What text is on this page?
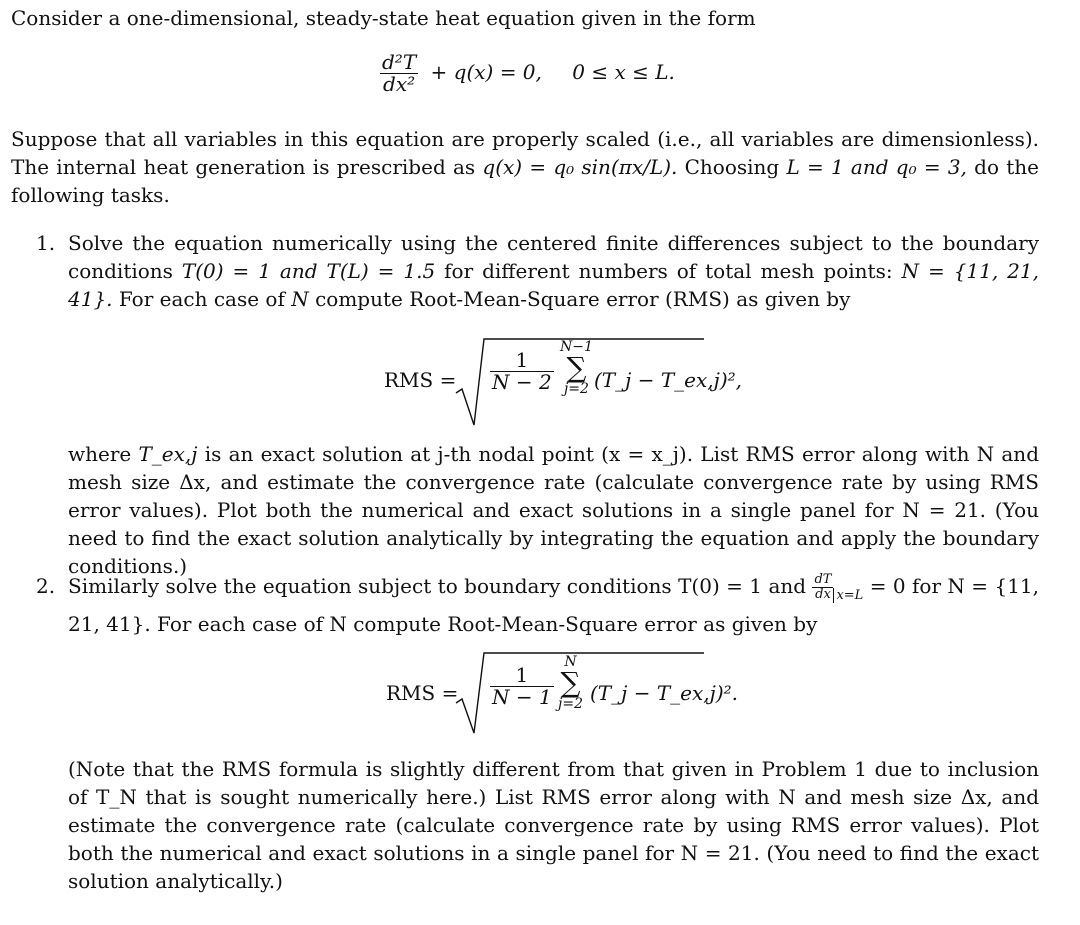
Consider a one-dimensional, steady-state heat equation given in the form
$\frac{\text{d²T}}{\text{dx²}} + q(x) = 0$, 0 ≤ x ≤ L.
Suppose that all variables in this equation are properly scaled (i.e., all variables are dimensionless). The internal heat generation is prescribed as q(x) = q₀ sin(πx/L). Choosing L = 1 and q₀ = 3, do the following tasks.
1. Solve the equation numerically using the centered finite differences subject to the boundary conditions T(0) = 1 and T(L) = 1.5 for different numbers of total mesh points: N = {11, 21, 41}. For each case of N compute Root-Mean-Square error (RMS) as given by
RMS =
1
N − 2
N−1
∑
j=2 (T_j − T_ex,j)²,
where T_ex,j is an exact solution at j-th nodal point (x = x_j). List RMS error along with N and mesh size Δx, and estimate the convergence rate (calculate convergence rate by using RMS error values). Plot both the numerical and exact solutions in a single panel for N = 21. (You need to find the exact solution analytically by integrating the equation and apply the boundary conditions.)
2. Similarly solve the equation subject to boundary conditions T(0) = 1 and $\frac{dT}{dx} _{x=L} = 0$ for N = {11, 21, 41}. For each case of N compute Root-Mean-Square error as given by
RMS =
1
N − 1
N
∑
j=2 (T_j − T_ex,j)².
(Note that the RMS formula is slightly different from that given in Problem 1 due to inclusion of T_N that is sought numerically here.) List RMS error along with N and mesh size Δx, and estimate the convergence rate (calculate convergence rate by using RMS error values). Plot both the numerical and exact solutions in a single panel for N = 21. (You need to find the exact solution analytically.)
